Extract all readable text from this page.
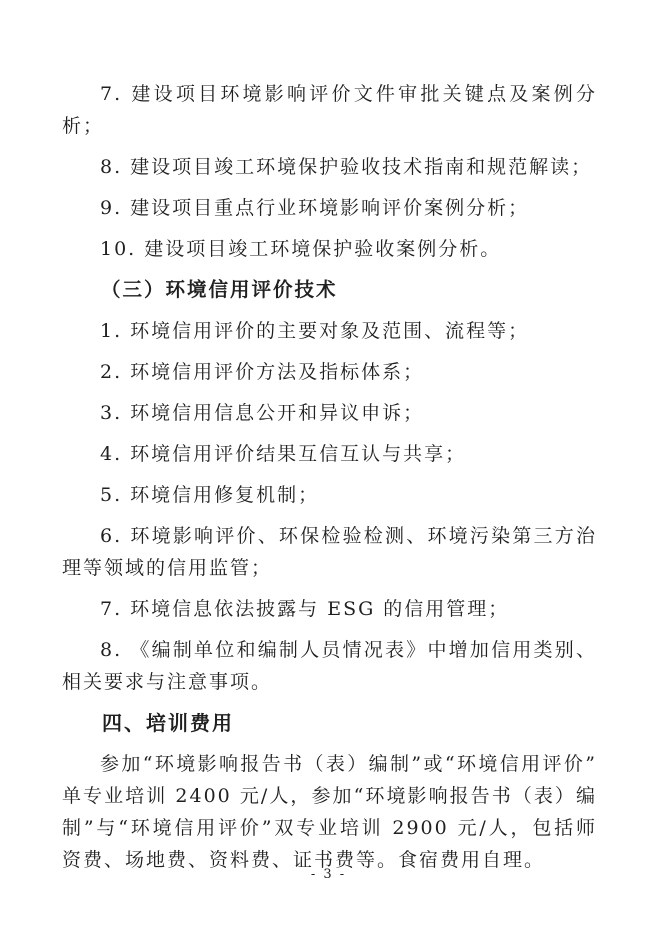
7. 建设项目环境影响评价文件审批关键点及案例分析；

8. 建设项目竣工环境保护验收技术指南和规范解读；

9. 建设项目重点行业环境影响评价案例分析；

10. 建设项目竣工环境保护验收案例分析。

（三）环境信用评价技术

1. 环境信用评价的主要对象及范围、流程等；

2. 环境信用评价方法及指标体系；

3. 环境信用信息公开和异议申诉；

4. 环境信用评价结果互信互认与共享；

5. 环境信用修复机制；

6. 环境影响评价、环保检验检测、环境污染第三方治理等领域的信用监管；

7. 环境信息依法披露与 ESG 的信用管理；

8. 《编制单位和编制人员情况表》中增加信用类别、相关要求与注意事项。

四、培训费用

参加“环境影响报告书（表）编制”或“环境信用评价”单专业培训 2400 元/人，参加“环境影响报告书（表）编制”与“环境信用评价”双专业培训 2900 元/人，包括师资费、场地费、资料费、证书费等。食宿费用自理。

- 3 -
